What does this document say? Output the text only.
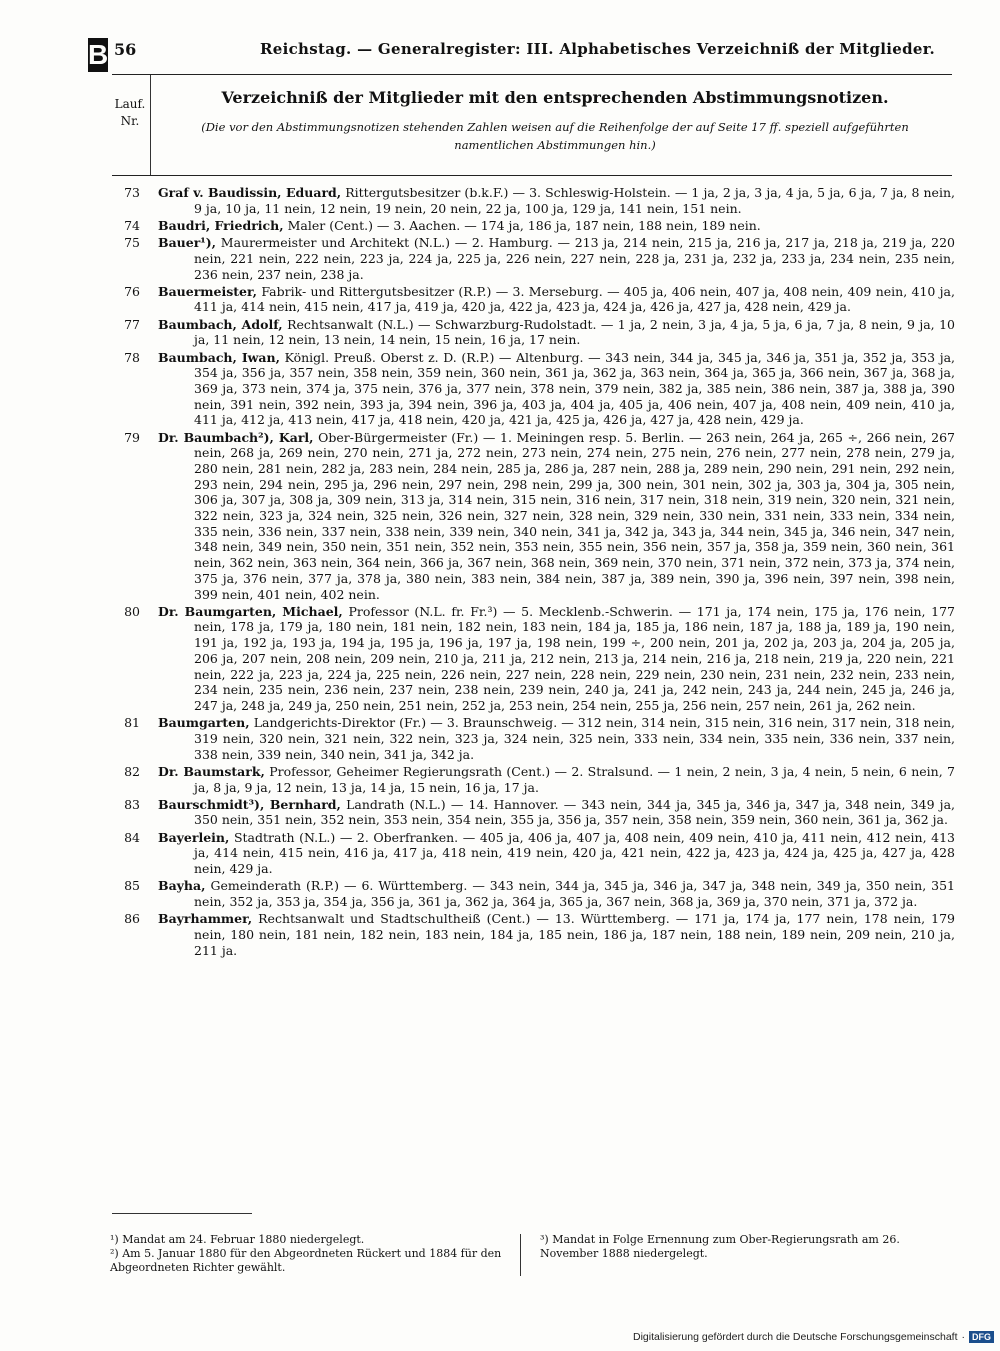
B 56	Reichstag. — Generalregister: III. Alphabetisches Verzeichniß der Mitglieder.
Lauf.
Nr.
Verzeichniß der Mitglieder mit den entsprechenden Abstimmungsnotizen.
(Die vor den Abstimmungsnotizen stehenden Zahlen weisen auf die Reihenfolge der auf Seite 17 ff. speziell aufgeführten namentlichen Abstimmungen hin.)
73	Graf v. Baudissin, Eduard, Rittergutsbesitzer (b.k.F.) — 3. Schleswig-Holstein. — 1 ja, 2 ja, 3 ja, 4 ja, 5 ja, 6 ja, 7 ja, 8 nein, 9 ja, 10 ja, 11 nein, 12 nein, 19 nein, 20 nein, 22 ja, 100 ja, 129 ja, 141 nein, 151 nein.
74	Baudri, Friedrich, Maler (Cent.) — 3. Aachen. — 174 ja, 186 ja, 187 nein, 188 nein, 189 nein.
75	Bauer¹), Maurermeister und Architekt (N.L.) — 2. Hamburg. — 213 ja, 214 nein, 215 ja, 216 ja, 217 ja, 218 ja, 219 ja, 220 nein, 221 nein, 222 nein, 223 ja, 224 ja, 225 ja, 226 nein, 227 nein, 228 ja, 231 ja, 232 ja, 233 ja, 234 nein, 235 nein, 236 nein, 237 nein, 238 ja.
76	Bauermeister, Fabrik- und Rittergutsbesitzer (R.P.) — 3. Merseburg. — 405 ja, 406 nein, 407 ja, 408 nein, 409 nein, 410 ja, 411 ja, 414 nein, 415 nein, 417 ja, 419 ja, 420 ja, 422 ja, 423 ja, 424 ja, 426 ja, 427 ja, 428 nein, 429 ja.
77	Baumbach, Adolf, Rechtsanwalt (N.L.) — Schwarzburg-Rudolstadt. — 1 ja, 2 nein, 3 ja, 4 ja, 5 ja, 6 ja, 7 ja, 8 nein, 9 ja, 10 ja, 11 nein, 12 nein, 13 nein, 14 nein, 15 nein, 16 ja, 17 nein.
78	Baumbach, Iwan, Königl. Preuß. Oberst z. D. (R.P.) — Altenburg. — 343 nein, 344 ja, 345 ja, 346 ja, 351 ja, 352 ja, 353 ja, 354 ja, 356 ja, 357 nein, 358 nein, 359 nein, 360 nein, 361 ja, 362 ja, 363 nein, 364 ja, 365 ja, 366 nein, 367 ja, 368 ja, 369 ja, 373 nein, 374 ja, 375 nein, 376 ja, 377 nein, 378 nein, 379 nein, 382 ja, 385 nein, 386 nein, 387 ja, 388 ja, 390 nein, 391 nein, 392 nein, 393 ja, 394 nein, 396 ja, 403 ja, 404 ja, 405 ja, 406 nein, 407 ja, 408 nein, 409 nein, 410 ja, 411 ja, 412 ja, 413 nein, 417 ja, 418 nein, 420 ja, 421 ja, 425 ja, 426 ja, 427 ja, 428 nein, 429 ja.
79	Dr. Baumbach²), Karl, Ober-Bürgermeister (Fr.) — 1. Meiningen resp. 5. Berlin. — 263 nein, 264 ja, 265 ÷, 266 nein, 267 nein, 268 ja, 269 nein, 270 nein, 271 ja, 272 nein, 273 nein, 274 nein, 275 nein, 276 nein, 277 nein, 278 nein, 279 ja, 280 nein, 281 nein, 282 ja, 283 nein, 284 nein, 285 ja, 286 ja, 287 nein, 288 ja, 289 nein, 290 nein, 291 nein, 292 nein, 293 nein, 294 nein, 295 ja, 296 nein, 297 nein, 298 nein, 299 ja, 300 nein, 301 nein, 302 ja, 303 ja, 304 ja, 305 nein, 306 ja, 307 ja, 308 ja, 309 nein, 313 ja, 314 nein, 315 nein, 316 nein, 317 nein, 318 nein, 319 nein, 320 nein, 321 nein, 322 nein, 323 ja, 324 nein, 325 nein, 326 nein, 327 nein, 328 nein, 329 nein, 330 nein, 331 nein, 333 nein, 334 nein, 335 nein, 336 nein, 337 nein, 338 nein, 339 nein, 340 nein, 341 ja, 342 ja, 343 ja, 344 nein, 345 ja, 346 nein, 347 nein, 348 nein, 349 nein, 350 nein, 351 nein, 352 nein, 353 nein, 355 nein, 356 nein, 357 ja, 358 ja, 359 nein, 360 nein, 361 nein, 362 nein, 363 nein, 364 nein, 366 ja, 367 nein, 368 nein, 369 nein, 370 nein, 371 nein, 372 nein, 373 ja, 374 nein, 375 ja, 376 nein, 377 ja, 378 ja, 380 nein, 383 nein, 384 nein, 387 ja, 389 nein, 390 ja, 396 nein, 397 nein, 398 nein, 399 nein, 401 nein, 402 nein.
80	Dr. Baumgarten, Michael, Professor (N.L. fr. Fr.³) — 5. Mecklenb.-Schwerin. — 171 ja, 174 nein, 175 ja, 176 nein, 177 nein, 178 ja, 179 ja, 180 nein, 181 nein, 182 nein, 183 nein, 184 ja, 185 ja, 186 nein, 187 ja, 188 ja, 189 ja, 190 nein, 191 ja, 192 ja, 193 ja, 194 ja, 195 ja, 196 ja, 197 ja, 198 nein, 199 ÷, 200 nein, 201 ja, 202 ja, 203 ja, 204 ja, 205 ja, 206 ja, 207 nein, 208 nein, 209 nein, 210 ja, 211 ja, 212 nein, 213 ja, 214 nein, 216 ja, 218 nein, 219 ja, 220 nein, 221 nein, 222 ja, 223 ja, 224 ja, 225 nein, 226 nein, 227 nein, 228 nein, 229 nein, 230 nein, 231 nein, 232 nein, 233 nein, 234 nein, 235 nein, 236 nein, 237 nein, 238 nein, 239 nein, 240 ja, 241 ja, 242 nein, 243 ja, 244 nein, 245 ja, 246 ja, 247 ja, 248 ja, 249 ja, 250 nein, 251 nein, 252 ja, 253 nein, 254 nein, 255 ja, 256 nein, 257 nein, 261 ja, 262 nein.
81	Baumgarten, Landgerichts-Direktor (Fr.) — 3. Braunschweig. — 312 nein, 314 nein, 315 nein, 316 nein, 317 nein, 318 nein, 319 nein, 320 nein, 321 nein, 322 nein, 323 ja, 324 nein, 325 nein, 333 nein, 334 nein, 335 nein, 336 nein, 337 nein, 338 nein, 339 nein, 340 nein, 341 ja, 342 ja.
82	Dr. Baumstark, Professor, Geheimer Regierungsrath (Cent.) — 2. Stralsund. — 1 nein, 2 nein, 3 ja, 4 nein, 5 nein, 6 nein, 7 ja, 8 ja, 9 ja, 12 nein, 13 ja, 14 ja, 15 nein, 16 ja, 17 ja.
83	Baurschmidt³), Bernhard, Landrath (N.L.) — 14. Hannover. — 343 nein, 344 ja, 345 ja, 346 ja, 347 ja, 348 nein, 349 ja, 350 nein, 351 nein, 352 nein, 353 nein, 354 nein, 355 ja, 356 ja, 357 nein, 358 nein, 359 nein, 360 nein, 361 ja, 362 ja.
84	Bayerlein, Stadtrath (N.L.) — 2. Oberfranken. — 405 ja, 406 ja, 407 ja, 408 nein, 409 nein, 410 ja, 411 nein, 412 nein, 413 ja, 414 nein, 415 nein, 416 ja, 417 ja, 418 nein, 419 nein, 420 ja, 421 nein, 422 ja, 423 ja, 424 ja, 425 ja, 427 ja, 428 nein, 429 ja.
85	Bayha, Gemeinderath (R.P.) — 6. Württemberg. — 343 nein, 344 ja, 345 ja, 346 ja, 347 ja, 348 nein, 349 ja, 350 nein, 351 nein, 352 ja, 353 ja, 354 ja, 356 ja, 361 ja, 362 ja, 364 ja, 365 ja, 367 nein, 368 ja, 369 ja, 370 nein, 371 ja, 372 ja.
86	Bayrhammer, Rechtsanwalt und Stadtschultheiß (Cent.) — 13. Württemberg. — 171 ja, 174 ja, 177 nein, 178 nein, 179 nein, 180 nein, 181 nein, 182 nein, 183 nein, 184 ja, 185 nein, 186 ja, 187 nein, 188 nein, 189 nein, 209 nein, 210 ja, 211 ja.
¹) Mandat am 24. Februar 1880 niedergelegt.
²) Am 5. Januar 1880 für den Abgeordneten Rückert und 1884 für den Abgeordneten Richter gewählt.
³) Mandat in Folge Ernennung zum Ober-Regierungsrath am 26. November 1888 niedergelegt.
Digitalisierung gefördert durch die Deutsche Forschungsgemeinschaft · DFG
